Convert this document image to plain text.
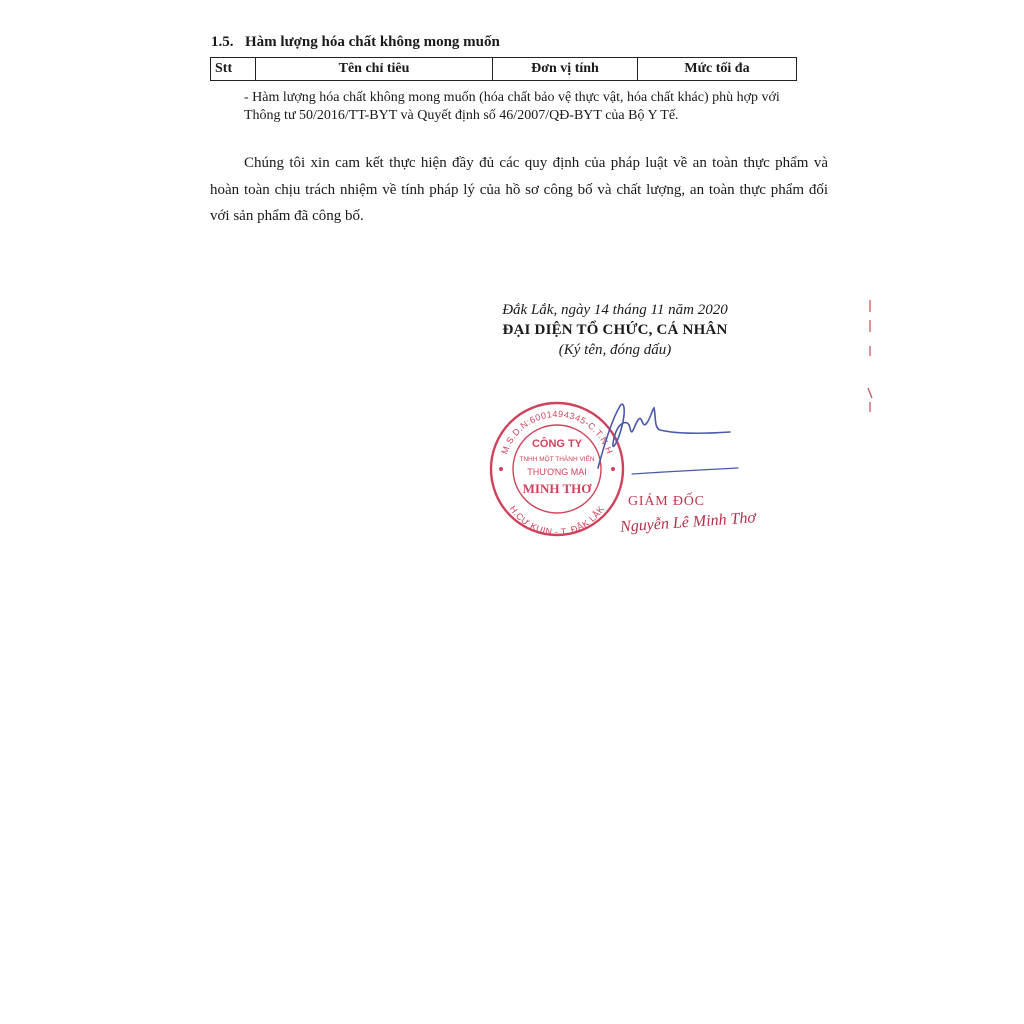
1.5. Hàm lượng hóa chất không mong muốn
Stt	Tên chỉ tiêu	Đơn vị tính	Mức tối đa

- Hàm lượng hóa chất không mong muốn (hóa chất bảo vệ thực vật, hóa chất khác) phù hợp với

Thông tư 50/2016/TT-BYT và Quyết định số 46/2007/QĐ-BYT của Bộ Y Tế.

Chúng tôi xin cam kết thực hiện đầy đủ các quy định của pháp luật về an toàn thực phẩm và hoàn toàn chịu trách nhiệm về tính pháp lý của hồ sơ công bố và chất lượng, an toàn thực phẩm đối với sản phẩm đã công bố.

Đắk Lắk, ngày 14 tháng 11 năm 2020
ĐẠI DIỆN TỔ CHỨC, CÁ NHÂN
(Ký tên, đóng dấu)
M.S.D.N:6001494345-C.T.N.H
H.CƯ KUIN - T. ĐẮK LẮK
CÔNG TY
TNHH MỘT THÀNH VIÊN
THƯƠNG MẠI
MINH THƠ
GIÁM ĐỐC
Nguyễn Lê Minh Thơ
